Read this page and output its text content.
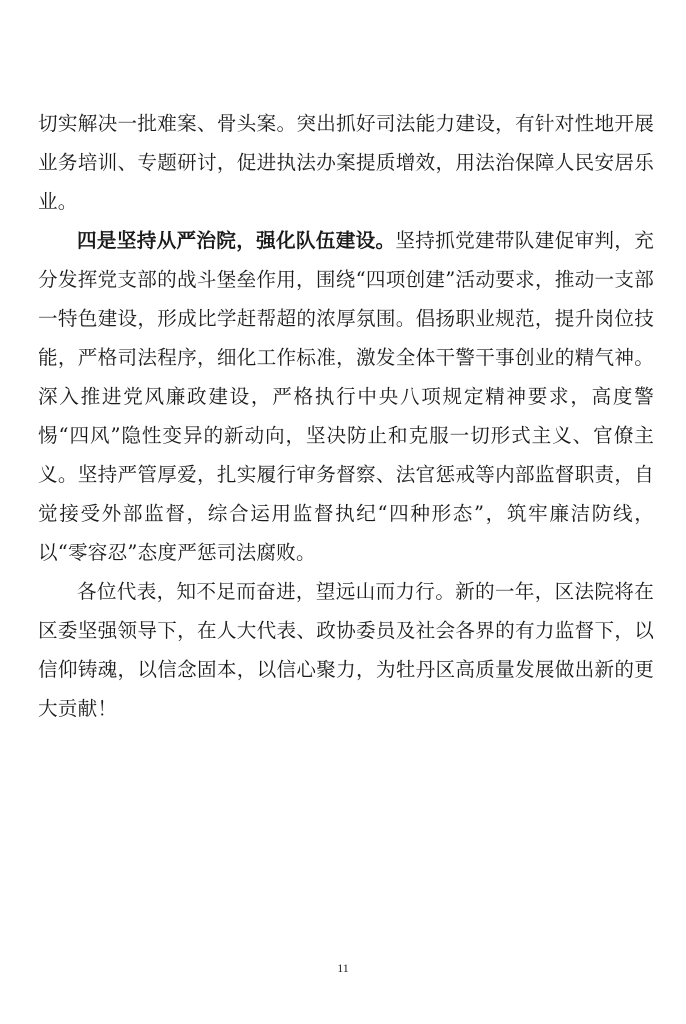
切实解决一批难案、骨头案。突出抓好司法能力建设，有针对性地开展业务培训、专题研讨，促进执法办案提质增效，用法治保障人民安居乐业。

四是坚持从严治院，强化队伍建设。坚持抓党建带队建促审判，充分发挥党支部的战斗堡垒作用，围绕“四项创建”活动要求，推动一支部一特色建设，形成比学赶帮超的浓厚氛围。倡扬职业规范，提升岗位技能，严格司法程序，细化工作标准，激发全体干警干事创业的精气神。深入推进党风廉政建设，严格执行中央八项规定精神要求，高度警惕“四风”隐性变异的新动向，坚决防止和克服一切形式主义、官僚主义。坚持严管厚爱，扎实履行审务督察、法官惩戒等内部监督职责，自觉接受外部监督，综合运用监督执纪“四种形态”，筑牢廉洁防线，以“零容忍”态度严惩司法腐败。

各位代表，知不足而奋进，望远山而力行。新的一年，区法院将在区委坚强领导下，在人大代表、政协委员及社会各界的有力监督下，以信仰铸魂，以信念固本，以信心聚力，为牡丹区高质量发展做出新的更大贡献！

11
